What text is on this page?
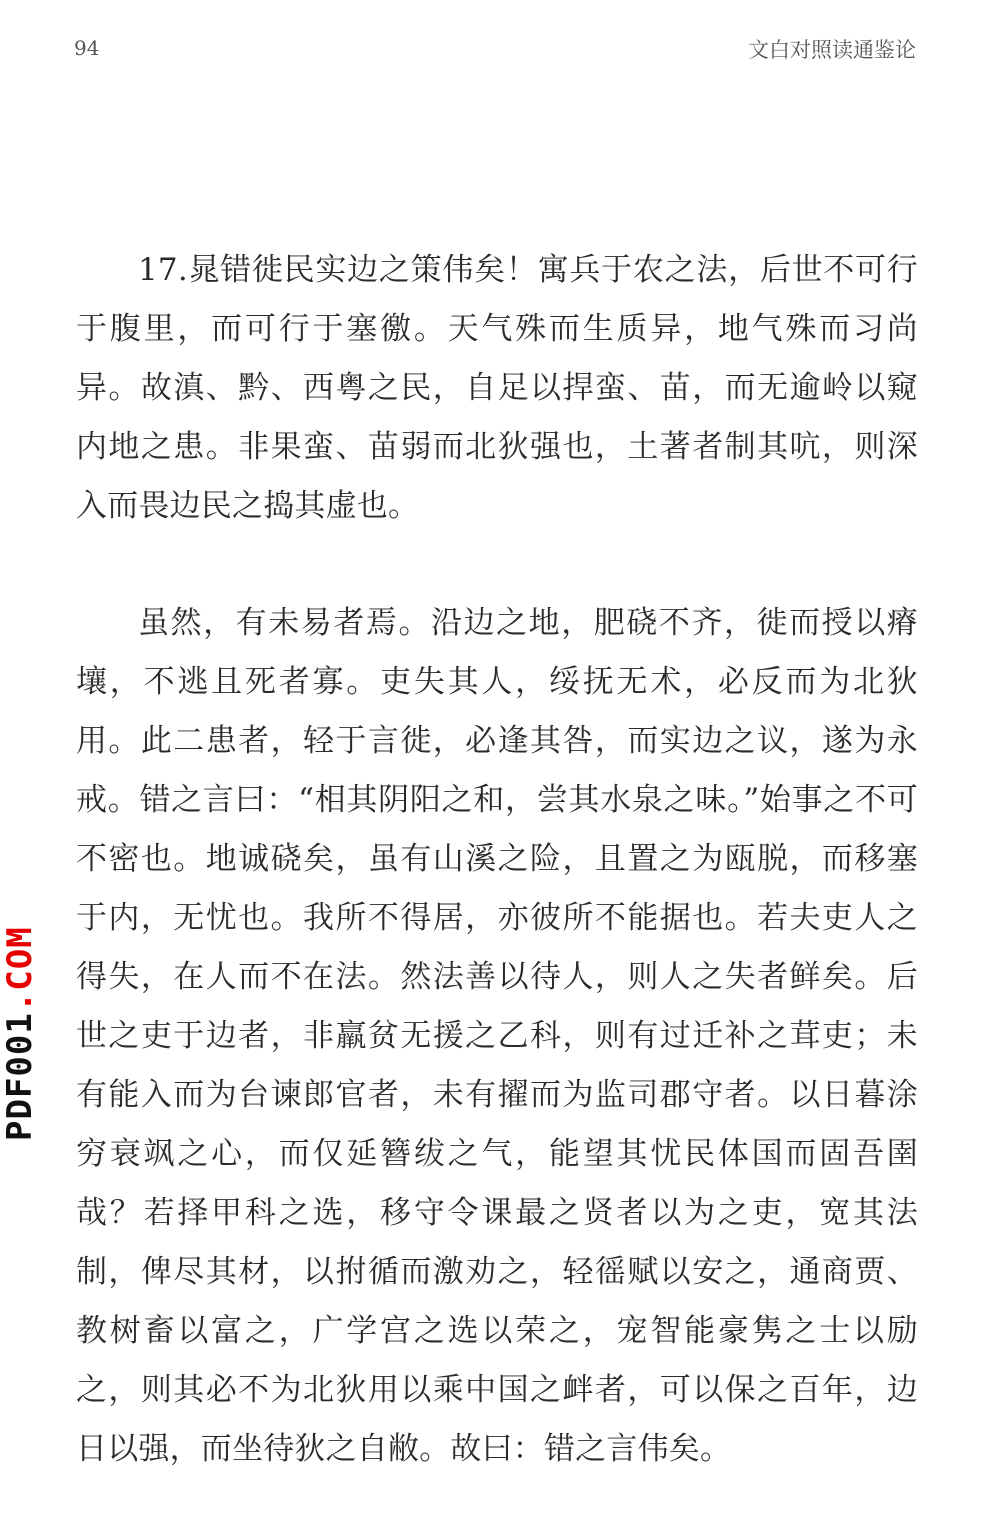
94	文白对照读通鉴论

17.晁错徙民实边之策伟矣！寓兵于农之法，后世不可行于腹里，而可行于塞徼。天气殊而生质异，地气殊而习尚异。故滇、黔、西粤之民，自足以捍蛮、苗，而无逾岭以窥内地之患。非果蛮、苗弱而北狄强也，土著者制其吭，则深入而畏边民之捣其虚也。

虽然，有未易者焉。沿边之地，肥硗不齐，徙而授以瘠壤，不逃且死者寡。吏失其人，绥抚无术，必反而为北狄用。此二患者，轻于言徙，必逢其咎，而实边之议，遂为永戒。错之言曰：“相其阴阳之和，尝其水泉之味。”始事之不可不密也。地诚硗矣，虽有山溪之险，且置之为瓯脱，而移塞于内，无忧也。我所不得居，亦彼所不能据也。若夫吏人之得失，在人而不在法。然法善以待人，则人之失者鲜矣。后世之吏于边者，非羸贫无援之乙科，则有过迁补之茸吏；未有能入而为台谏郎官者，未有擢而为监司郡守者。以日暮涂穷衰飒之心，而仅延簪绂之气，能望其忧民体国而固吾圉哉？若择甲科之选，移守令课最之贤者以为之吏，宽其法制，俾尽其材，以拊循而激劝之，轻徭赋以安之，通商贾、教树畜以富之，广学宫之选以荣之，宠智能豪隽之士以励之，则其必不为北狄用以乘中国之衅者，可以保之百年，边日以强，而坐待狄之自敝。故曰：错之言伟矣。

PDF001.COM
